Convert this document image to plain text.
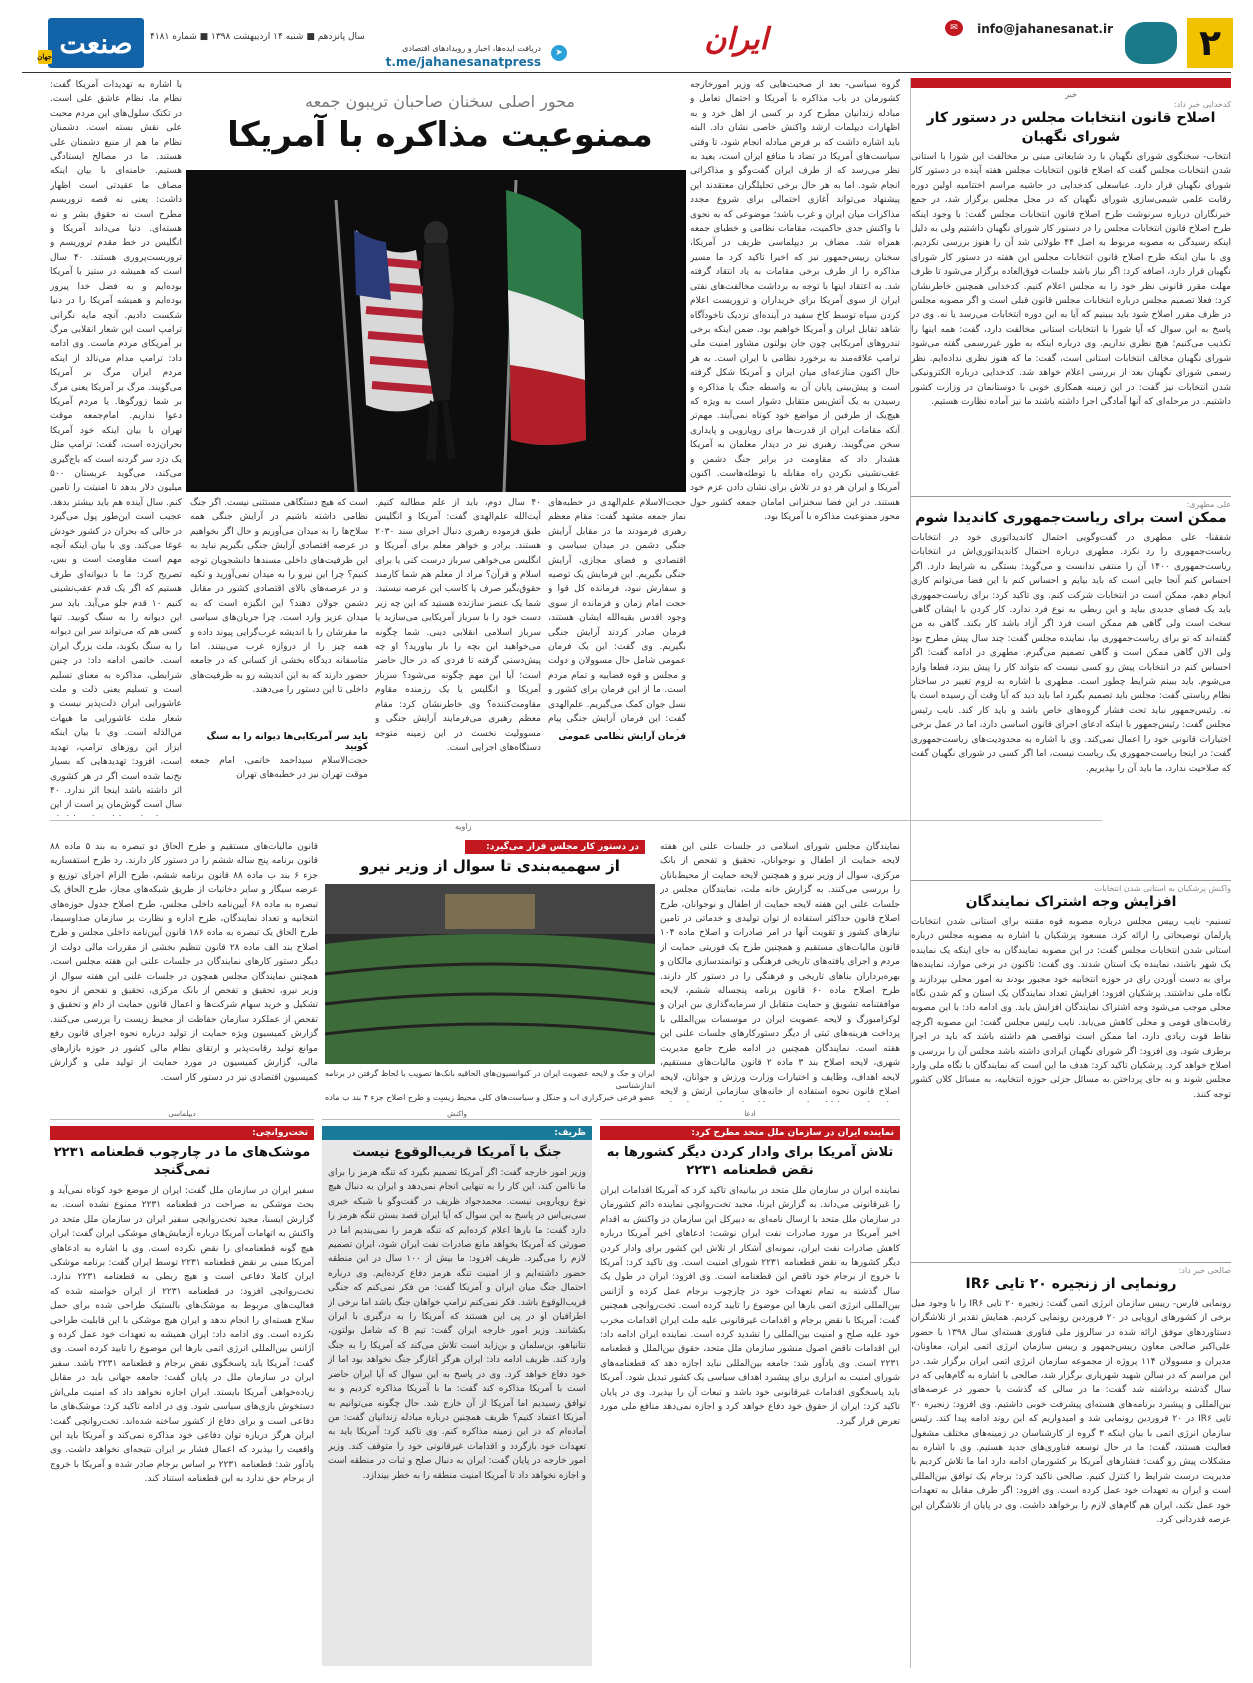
۲
info@jahanesanat.ir
✉
ایران
➤
دریافت ایده‌ها، اخبار و رویدادهای اقتصادی
t.me/jahanesanatpress
سال پانزدهم ■ شنبه ۱۴ اردیبهشت ۱۳۹۸ ■ شماره ۴۱۸۱
صنعت
جهان
خبر
کدخدایی خبر داد:
اصلاح قانون انتخابات مجلس در دستور کار شورای نگهبان
انتخاب- سخنگوی شورای نگهبان با رد شایعاتی مبنی بر مخالفت این شورا با استانی شدن انتخابات مجلس گفت که اصلاح قانون انتخابات مجلس هفته آینده در دستور کار شورای نگهبان قرار دارد. عباسعلی کدخدایی در حاشیه مراسم اختتامیه اولین دوره رقابت علمی شیمی‌سازی شورای نگهبان که در محل مجلس برگزار شد، در جمع خبرنگاران درباره سرنوشت طرح اصلاح قانون انتخابات مجلس گفت: با وجود اینکه طرح اصلاح قانون انتخابات مجلس را در دستور کار شورای نگهبان داشتیم ولی به دلیل اینکه رسیدگی به مصوبه مربوط به اصل ۴۴ طولانی شد آن را هنوز بررسی نکردیم. وی با بیان اینکه طرح اصلاح قانون انتخابات مجلس این هفته در دستور کار شورای نگهبان قرار دارد، اضافه کرد: اگر نیاز باشد جلسات فوق‌العاده برگزار می‌شود تا ظرف مهلت مقرر قانونی نظر خود را به مجلس اعلام کنیم. کدخدایی همچنین خاطرنشان کرد: فعلا تصمیم مجلس درباره انتخابات مجلس قانون قبلی است و اگر مصوبه مجلس در ظرف مقرر اصلاح شود باید ببینیم که آیا به این دوره انتخابات می‌رسد یا نه. وی در پاسخ به این سوال که آیا شورا با انتخابات استانی مخالفت دارد، گفت: همه اینها را تکذیب می‌کنیم؛ هیچ نظری نداریم. وی درباره اینکه به طور غیررسمی گفته می‌شود شورای نگهبان مخالف انتخابات استانی است، گفت: ما که هنوز نظری نداده‌ایم. نظر رسمی شورای نگهبان بعد از بررسی اعلام خواهد شد. کدخدایی درباره الکترونیکی شدن انتخابات نیز گفت: در این زمینه همکاری خوبی با دوستانمان در وزارت کشور داشتیم. در مرحله‌ای که آنها آمادگی اجرا داشته باشند ما نیز آماده نظارت هستیم.
علی مطهری:
ممکن است برای ریاست‌جمهوری کاندیدا شوم
شفقنا- علی مطهری در گفت‌وگویی احتمال کاندیداتوری خود در انتخابات ریاست‌جمهوری را رد نکرد. مطهری درباره احتمال کاندیداتوری‌اش در انتخابات ریاست‌جمهوری ۱۴۰۰ آن را منتفی ندانست و می‌گوید: بستگی به شرایط دارد. اگر احساس کنم آنجا جایی است که باید بیایم و احساس کنم با این فضا می‌توانم کاری انجام دهم، ممکن است در انتخابات شرکت کنم. وی تاکید کرد: برای ریاست‌جمهوری باید یک فضای جدیدی بیاید و این ربطی به نوع فرد ندارد. کار کردن با ایشان گاهی سخت است ولی گاهی هم ممکن است فرد اگر آزاد باشد کار بکند. گاهی به من گفته‌اند که تو برای ریاست‌جمهوری بیا، نماینده مجلس گفت: چند سال پیش مطرح بود ولی الان گاهی ممکن است و گاهی تصمیم می‌گیرم. مطهری در ادامه گفت: اگر احساس کنم در انتخابات پیش رو کسی نیست که بتواند کار را پیش ببرد، قطعا وارد می‌شوم. باید ببینم شرایط چطور است. مطهری با اشاره به لزوم تغییر در ساختار نظام ریاستی گفت: مجلس باید تصمیم بگیرد اما باید دید که آیا وقت آن رسیده است یا نه. رئیس‌جمهور نباید تحت فشار گروه‌های خاص باشد و باید کار کند. نایب رئیس مجلس گفت: رئیس‌جمهور با اینکه ادعای اجرای قانون اساسی دارد، اما در عمل برخی اختیارات قانونی خود را اعمال نمی‌کند. وی با اشاره به محدودیت‌های ریاست‌جمهوری گفت: در اینجا ریاست‌جمهوری یک ریاست نیست، اما اگر کسی در شورای نگهبان گفت که صلاحیت ندارد، ما باید آن را بپذیریم.
واکنش پزشکیان به استانی شدن انتخابات
افزایش وجه اشتراک نمایندگان
تسنیم- نایب رییس مجلس درباره مصوبه قوه مقننه برای استانی شدن انتخابات پارلمان توضیحاتی را ارائه کرد. مسعود پزشکیان با اشاره به مصوبه مجلس درباره استانی شدن انتخابات مجلس گفت: در این مصوبه نمایندگان به جای اینکه یک نماینده یک شهر باشند، نماینده یک استان شدند. وی گفت: تاکنون در برخی موارد، نماینده‌ها برای به دست آوردن رای در حوزه انتخابیه خود مجبور بودند به امور محلی بپردازند و نگاه ملی نداشتند. پزشکیان افزود: افزایش تعداد نمایندگان یک استان و کم شدن نگاه محلی موجب می‌شود وجه اشتراک نمایندگان افزایش یابد. وی ادامه داد: با این مصوبه رقابت‌های قومی و محلی کاهش می‌یابد. نایب رئیس مجلس گفت: این مصوبه اگرچه نقاط قوت زیادی دارد، اما ممکن است نواقصی هم داشته باشد که باید در اجرا برطرف شود. وی افزود: اگر شورای نگهبان ایرادی داشته باشد مجلس آن را بررسی و اصلاح خواهد کرد. پزشکیان تاکید کرد: هدف ما این است که نمایندگان با نگاه ملی وارد مجلس شوند و به جای پرداختن به مسائل جزئی حوزه انتخابیه، به مسائل کلان کشور توجه کنند.
صالحی خبر داد:
رونمایی از زنجیره ۲۰ تایی IR۶
رونمایی فارس- رییس سازمان انرژی اتمی گفت: زنجیره ۲۰ تایی IR۶ را با وجود میل برخی از کشورهای اروپایی در ۲۰ فروردین رونمایی کردیم. همایش تقدیر از تلاشگران دستاوردهای موفق ارائه شده در سالروز ملی فناوری هسته‌ای سال ۱۳۹۸ با حضور علی‌اکبر صالحی معاون رییس‌جمهور و رییس سازمان انرژی اتمی ایران، معاونان، مدیران و مسوولان ۱۱۴ پروژه از مجموعه سازمان انرژی اتمی ایران برگزار شد. در این مراسم که در سالن شهید شهریاری برگزار شد، صالحی با اشاره به گام‌هایی که در سال گذشته برداشته شد گفت: ما در سالی که گذشت با حضور در عرصه‌های بین‌المللی و پیشبرد برنامه‌های هسته‌ای پیشرفت خوبی داشتیم. وی افزود: زنجیره ۲۰ تایی IR۶ در ۲۰ فروردین رونمایی شد و امیدواریم که این روند ادامه پیدا کند. رئیس سازمان انرژی اتمی با بیان اینکه ۳ گروه از کارشناسان در زمینه‌های مختلف مشغول فعالیت هستند، گفت: ما در حال توسعه فناوری‌های جدید هستیم. وی با اشاره به مشکلات پیش رو گفت: فشارهای آمریکا بر کشورمان ادامه دارد اما ما تلاش کردیم با مدیریت درست شرایط را کنترل کنیم. صالحی تاکید کرد: برجام یک توافق بین‌المللی است و ایران به تعهدات خود عمل کرده است. وی افزود: اگر طرف مقابل به تعهدات خود عمل نکند، ایران هم گام‌های لازم را برخواهد داشت. وی در پایان از تلاشگران این عرصه قدردانی کرد.
محور اصلی سخنان صاحبان تریبون جمعه
ممنوعیت مذاکره با آمریکا
گروه سیاسی- بعد از صحبت‌هایی که وزیر امورخارجه کشورمان در باب مذاکره با آمریکا و احتمال تعامل و مبادله زندانیان مطرح کرد بر کسی از اهل خرد و به اظهارات دیپلمات ارشد واکنش خاصی نشان داد. البته باید اشاره داشت که بر فرض مبادله انجام شود، تا وقتی سیاست‌های آمریکا در تضاد با منافع ایران است، یعید به نظر می‌رسد که از طرف ایران گفت‌وگو و مذاکراتی انجام شود. اما به هر حال برخی تحلیلگران معتقدند این پیشنهاد می‌تواند آغازی احتمالی برای شروع مجدد مذاکرات میان ایران و غرب باشد؛ موضوعی که به نحوی با واکنش جدی حاکمیت، مقامات نظامی و خطبای جمعه همراه شد. مضاف بر دیپلماسی ظریف در آمریکا، سخنان رییس‌جمهور نیز که اخیرا تاکید کرد ما مسیر مذاکره را از طرف برخی مقامات به یاد انتقاد گرفته شد. به اعتقاد اینها با توجه به برداشت مخالفت‌های نفتی ایران از سوی آمریکا برای خریداران و تروریست اعلام کردن سپاه توسط کاخ سفید در آینده‌ای نزدیک ناخودآگاه شاهد تقابل ایران و آمریکا خواهیم بود. ضمن اینکه برخی تندروهای آمریکایی چون جان بولتون مشاور امنیت ملی ترامپ علاقه‌مند به برخورد نظامی با ایران است. به هر حال اکنون منازعه‌ای میان ایران و آمریکا شکل گرفته است و پیش‌بینی پایان آن به واسطه جنگ یا مذاکره و رسیدن به یک آتش‌بس متقابل دشوار است به ویژه که هیچ‌یک از طرفین از مواضع خود کوتاه نمی‌آیند. مهم‌تر آنکه مقامات ایران از قدرت‌ها برای رویارویی و پایداری سخن می‌گویند. رهبری نیز در دیدار معلمان به آمریکا هشدار داد که مقاومت در برابر جنگ دشمن و عقب‌نشینی نکردن راه مقابله با توطئه‌هاست. اکنون آمریکا و ایران هر دو در تلاش برای نشان دادن عزم خود هستند. در این فضا سخنرانی امامان جمعه کشور حول محور ممنوعیت مذاکره با آمریکا بود.
حجت‌الاسلام علم‌الهدی در خطبه‌های نماز جمعه مشهد گفت: مقام معظم رهبری فرمودند ما در مقابل آرایش جنگی دشمن در میدان سیاسی و اقتصادی و فضای مجازی، آرایش جنگی بگیریم. این فرمایش یک توصیه و سفارش نبود، فرمانده کل قوا و حجت امام زمان و فرمانده از سوی وجود اقدس بقیه‌الله ایشان هستند، فرمان صادر کردند آرایش جنگی بگیریم. وی گفت: این یک فرمان عمومی شامل حال مسوولان و دولت و مجلس و قوه قضاییه و تمام مردم است. ما از این فرمان برای کشور و نسل جوان کمک می‌گیریم. علم‌الهدی گفت: این فرمان آرایش جنگی پیام
فرمان آرایش نظامی عمومی
۴۰ سال دوم، باید از علم مطالبه کنیم. آیت‌الله علم‌الهدی گفت: آمریکا و انگلیس طبق فرموده رهبری دنبال اجرای سند ۲۰۳۰ هستند. برادر و خواهر معلم برای آمریکا و انگلیس می‌خواهی سرباز درست کنی یا برای اسلام و قرآن؟ مراد از معلم هم شما کارمند حقوق‌بگیر صرف یا کاسب این عرصه نیستید. شما یک عنصر سازنده هستید که این چه زیر دست خود را با سرباز آمریکایی می‌سازید یا سرباز اسلامی انقلابی دینی. شما چگونه می‌خواهید این بچه را بار بیاورید؟ او چه پیش‌دستی گرفته تا فردی که در حال حاضر است؛ آیا این مهم چگونه می‌شود؟ سرباز آمریکا و انگلیس یا یک رزمنده مقاوم مقاومت‌کننده؟ وی خاطرنشان کرد: مقام معظم رهبری می‌فرمایند آرایش جنگی و مسوولیت نخست در این زمینه متوجه دستگاه‌های اجرایی است.
است که هیچ دستگاهی مستثنی نیست. اگر جنگ نظامی داشته باشیم در آرایش جنگی همه سلاح‌ها را به میدان می‌آوریم و حال اگر بخواهیم در عرصه اقتصادی آرایش جنگی بگیریم نباید به این ظرفیت‌های داخلی مسندها دانشجویان توجه کنیم؟ چرا این نیرو را به میدان نمی‌آورید و تکیه و در عرصه‌های بالای اقتصادی کشور در مقابل دشمن جولان دهند؟ این انگیزه است که به میدان عزیز وارد است. چرا جریان‌های سیاسی ما مقرشان را با اندیشه غرب‌گرایی پیوند داده و همه چیز را از دروازه غرب می‌بینند. اما متاسفانه دیدگاه بخشی از کسانی که در جامعه حضور دارند که به این اندیشه رو به ظرفیت‌های داخلی تا این دستور را می‌دهند.
باید سر آمریکایی‌ها دیوانه را به سنگ کوبید
حجت‌الاسلام سیداحمد خاتمی، امام جمعه موقت تهران نیز در خطبه‌های تهران
یا اشاره به تهدیدات آمریکا گفت: نظام ما، نظام عاشق علی است. در تکتک سلول‌های این مردم محبت علی نقش بسته است. دشمنان نظام ما هم از منبع دشمنان علی هستند. ما در مصالح ایستادگی هستیم. خامنه‌ای با بیان اینکه مصاف ما عقیدتی است اظهار داشت: یعنی نه قصه تروریسم مطرح است نه حقوق بشر و نه هسته‌ای. دنیا می‌داند آمریکا و انگلیس در خط مقدم تروریسم و تروریست‌پروری هستند. ۴۰ سال است که همیشه در ستیز با آمریکا بوده‌ایم و به فضل خدا پیروز بوده‌ایم و همیشه آمریکا را در دنیا شکست دادیم. آنچه مایه نگرانی ترامپ است این شعار انقلابی مرگ بر آمریکای مردم ماست. وی ادامه داد: ترامپ مدام می‌نالد از اینکه مردم ایران مرگ بر آمریکا می‌گویند. مرگ بر آمریکا یعنی مرگ بر شما زورگوها. یا مردم آمریکا دعوا نداریم. امام‌جمعه موقت تهران با بیان اینکه خود آمریکا بحران‌زده است، گفت: ترامپ مثل یک دزد سر گردنه است که باج‌گیری می‌کند، می‌گوید عربستان ۵۰۰ میلیون دلار بدهد تا امنیتت را تامین کنم. سال آینده هم باید بیشتر بدهد. عجیب است این‌طور پول می‌گیرد در حالی که بحران در کشور خودش غوغا می‌کند. وی با بیان اینکه آنچه مهم است مقاومت است و بس، تصریح کرد: ما با دیوانه‌ای طرف هستیم که اگر یک قدم عقب‌نشینی کنیم ۱۰ قدم جلو می‌آید. باید سر این دیوانه را به سنگ کوبید. تنها کسی هم که می‌تواند سر این دیوانه را به سنگ بکوبد، ملت بزرگ ایران است. خاتمی ادامه داد: در چنین شرایطی، مذاکره به معنای تسلیم است و تسلیم یعنی ذلت و ملت عاشورایی ایران ذلت‌پذیر نیست و شعار ملت عاشورایی ما هیهات من‌الذله است. وی با بیان اینکه ایزاز این روزهای ترامپ، تهدید است، افزود: تهدیدهایی که بسیار نخ‌نما شده است اگر در هر کشوری اثر داشته باشد اینجا اثر ندارد. ۴۰ سال است گوش‌مان پر است از این
زاویه
در دستور کار مجلس قرار می‌گیرد:
از سهمیه‌بندی تا سوال از وزیر نیرو
ایران و جک و لایحه عضویت ایران در کنوانسیون‌های الحاقیه بانک‌ها تصویب با لحاظ گرفتن در برنامه اندازشناسی
نمایندگان مجلس شورای اسلامی در جلسات علنی این هفته لایحه حمایت از اطفال و نوجوانان، تحقیق و تفحص از بانک مرکزی، سوال از وزیر نیرو و همچنین لایحه حمایت از محیط‌بانان را بررسی می‌کنند. به گزارش خانه ملت، نمایندگان مجلس در جلسات علنی این هفته لایحه حمایت از اطفال و نوجوانان، طرح اصلاح قانون حداکثر استفاده از توان تولیدی و خدماتی در تامین نیازهای کشور و تقویت آنها در امر صادرات و اصلاح ماده ۱۰۴ قانون مالیات‌های مستقیم و همچنین طرح یک فوریتی حمایت از مردم و اجرای یافته‌های تاریخی فرهنگی و توانمندسازی مالکان و بهره‌برداران بناهای تاریخی و فرهنگی را در دستور کار دارند. طرح اصلاح ماده ۶۰ قانون برنامه پنجساله ششم، لایحه موافقتنامه تشویق و حمایت متقابل از سرمایه‌گذاری بین ایران و لوکزامبورگ و لایحه عضویت ایران در موسسات بین‌المللی با پرداخت هزینه‌های ثبتی از دیگر دستورکارهای جلسات علنی این هفته است. نمایندگان همچنین در ادامه طرح جامع مدیریت شهری، لایحه اصلاح بند ۳ ماده ۲ قانون مالیات‌های مستقیم، لایحه اهداف، وظایف و اختیارات وزارت ورزش و جوانان، لایحه اصلاح قانون نحوه استفاده از خانه‌های سازمانی ارتش و لایحه
قانون مالیات‌های مستقیم و طرح الحاق دو تبصره به بند ۵ ماده ۸۸ قانون برنامه پنج ساله ششم را در دستور کار دارند. رد طرح استفساریه جزء ۶ بند ب ماده ۸۸ قانون برنامه ششم، طرح الزام اجرای توزیع و عرضه سیگار و سایر دخانیات از طریق شبکه‌های مجاز، طرح الحاق یک تبصره به ماده ۶۸ آیین‌نامه داخلی مجلس، طرح اصلاح جدول حوزه‌های انتخابیه و تعداد نمایندگان، طرح اداره و نظارت بر سازمان صداوسیما، طرح الحاق یک تبصره به ماده ۱۸۶ قانون آیین‌نامه داخلی مجلس و طرح اصلاح بند الف ماده ۲۸ قانون تنظیم بخشی از مقررات مالی دولت از دیگر دستور کارهای نمایندگان در جلسات علنی این هفته مجلس است. همچنین نمایندگان مجلس همچون در جلسات علنی این هفته سوال از وزیر نیرو، تحقیق و تفحص از بانک مرکزی، تحقیق و تفحص از نحوه تشکیل و خرید سهام شرکت‌ها و اعمال قانون حمایت از دام و تحقیق و تفحص از عملکرد سازمان حفاظت از محیط زیست را بررسی می‌کنند. گزارش کمیسیون ویژه حمایت از تولید درباره نحوه اجرای قانون رفع موانع تولید رقابت‌پذیر و ارتقای نظام مالی کشور در حوزه بازارهای مالی، گزارش کمیسیون در مورد حمایت از تولید ملی و گزارش کمیسیون اقتصادی نیز در دستور کار است.
عضو فرعی خبرگزاری آب و جنگل و سیاست‌های کلی محیط زیست و طرح اصلاح جزء ۴ بند ب ماده
ادعا
واکنش
دیپلماسی
نماینده ایران در سازمان ملل متحد مطرح کرد:
تلاش آمریکا برای وادار کردن دیگر کشورها به نقض قطعنامه ۲۲۳۱
نماینده ایران در سازمان ملل متحد در بیانیه‌ای تاکید کرد که آمریکا اقدامات ایران را غیرقانونی می‌داند. به گزارش ایرنا، مجید تخت‌روانچی نماینده دائم کشورمان در سازمان ملل متحد با ارسال نامه‌ای به دبیرکل این سازمان در واکنش به اقدام اخیر آمریکا در مورد صادرات نفت ایران نوشت: ادعاهای اخیر آمریکا درباره کاهش صادرات نفت ایران، نمونه‌ای آشکار از تلاش این کشور برای وادار کردن دیگر کشورها به نقض قطعنامه ۲۲۳۱ شورای امنیت است. وی تاکید کرد: آمریکا با خروج از برجام خود ناقض این قطعنامه است. وی افزود: ایران در طول یک سال گذشته به تمام تعهدات خود در چارچوب برجام عمل کرده و آژانس بین‌المللی انرژی اتمی بارها این موضوع را تایید کرده است. تخت‌روانچی همچنین گفت: آمریکا با نقض برجام و اقدامات غیرقانونی علیه ملت ایران اقدامات مخرب خود علیه صلح و امنیت بین‌المللی را تشدید کرده است. نماینده ایران ادامه داد: این اقدامات ناقض اصول منشور سازمان ملل متحد، حقوق بین‌الملل و قطعنامه ۲۲۳۱ است. وی یادآور شد: جامعه بین‌المللی نباید اجازه دهد که قطعنامه‌های شورای امنیت به ابزاری برای پیشبرد اهداف سیاسی یک کشور تبدیل شود. آمریکا باید پاسخگوی اقدامات غیرقانونی خود باشد و تبعات آن را بپذیرد. وی در پایان تاکید کرد: ایران از حقوق خود دفاع خواهد کرد و اجازه نمی‌دهد منافع ملی مورد تعرض قرار گیرد.
ظریف:
جنگ با آمریکا قریب‌الوقوع نیست
وزیر امور خارجه گفت: اگر آمریکا تصمیم بگیرد که تنگه هرمز را برای ما ناامن کند، این کار را به تنهایی انجام نمی‌دهد و ایران به دنبال هیچ نوع رویارویی نیست. محمدجواد ظریف در گفت‌وگو با شبکه خبری سی‌بی‌اس در پاسخ به این سوال که آیا ایران قصد بستن تنگه هرمز را دارد گفت: ما بارها اعلام کرده‌ایم که تنگه هرمز را نمی‌بندیم اما در صورتی که آمریکا بخواهد مانع صادرات نفت ایران شود، ایران تصمیم لازم را می‌گیرد. ظریف افزود: ما بیش از ۱۰۰ سال در این منطقه حضور داشته‌ایم و از امنیت تنگه هرمز دفاع کرده‌ایم. وی درباره احتمال جنگ میان ایران و آمریکا گفت: من فکر نمی‌کنم که جنگی قریب‌الوقوع باشد. فکر نمی‌کنم ترامپ خواهان جنگ باشد اما برخی از اطرافیان او در پی این هستند که آمریکا را به درگیری با ایران بکشانند. وزیر امور خارجه ایران گفت: تیم B که شامل بولتون، نتانیاهو، بن‌سلمان و بن‌زاید است تلاش می‌کند که آمریکا را به جنگ وارد کند. ظریف ادامه داد: ایران هرگز آغازگر جنگ نخواهد بود اما از خود دفاع خواهد کرد. وی در پاسخ به این سوال که آیا ایران حاضر است با آمریکا مذاکره کند گفت: ما با آمریکا مذاکره کردیم و به توافق رسیدیم اما آمریکا از آن خارج شد. حال چگونه می‌توانیم به آمریکا اعتماد کنیم؟ ظریف همچنین درباره مبادله زندانیان گفت: من آماده‌ام که در این زمینه مذاکره کنم. وی تاکید کرد: آمریکا باید به تعهدات خود بازگردد و اقدامات غیرقانونی خود را متوقف کند. وزیر امور خارجه در پایان گفت: ایران به دنبال صلح و ثبات در منطقه است و اجازه نخواهد داد تا آمریکا امنیت منطقه را به خطر بیندازد.
تخت‌روانچی:
موشک‌های ما در چارچوب قطعنامه ۲۲۳۱ نمی‌گنجد
سفیر ایران در سازمان ملل گفت: ایران از موضع خود کوتاه نمی‌آید و بحث موشکی به صراحت در قطعنامه ۲۲۳۱ ممنوع نشده است. به گزارش ایسنا، مجید تخت‌روانچی سفیر ایران در سازمان ملل متحد در واکنش به اتهامات آمریکا درباره آزمایش‌های موشکی ایران گفت: ایران هیچ گونه قطعنامه‌ای را نقض نکرده است. وی با اشاره به ادعاهای آمریکا مبنی بر نقض قطعنامه ۲۲۳۱ توسط ایران گفت: برنامه موشکی ایران کاملا دفاعی است و هیچ ربطی به قطعنامه ۲۲۳۱ ندارد. تخت‌روانچی افزود: در قطعنامه ۲۲۳۱ از ایران خواسته شده که فعالیت‌های مربوط به موشک‌های بالستیک طراحی شده برای حمل سلاح هسته‌ای را انجام ندهد و ایران هیچ موشکی با این قابلیت طراحی نکرده است. وی ادامه داد: ایران همیشه به تعهدات خود عمل کرده و آژانس بین‌المللی انرژی اتمی بارها این موضوع را تایید کرده است. وی گفت: آمریکا باید پاسخگوی نقض برجام و قطعنامه ۲۲۳۱ باشد. سفیر ایران در سازمان ملل در پایان گفت: جامعه جهانی باید در مقابل زیاده‌خواهی آمریکا بایستد. ایران اجازه نخواهد داد که امنیت ملی‌اش دستخوش بازی‌های سیاسی شود. وی در ادامه تاکید کرد: موشک‌های ما دفاعی است و برای دفاع از کشور ساخته شده‌اند. تخت‌روانچی گفت: ایران هرگز درباره توان دفاعی خود مذاکره نمی‌کند و آمریکا باید این واقعیت را بپذیرد که اعمال فشار بر ایران نتیجه‌ای نخواهد داشت. وی یادآور شد: قطعنامه ۲۲۳۱ بر اساس برجام صادر شده و آمریکا با خروج از برجام حق ندارد به این قطعنامه استناد کند.
